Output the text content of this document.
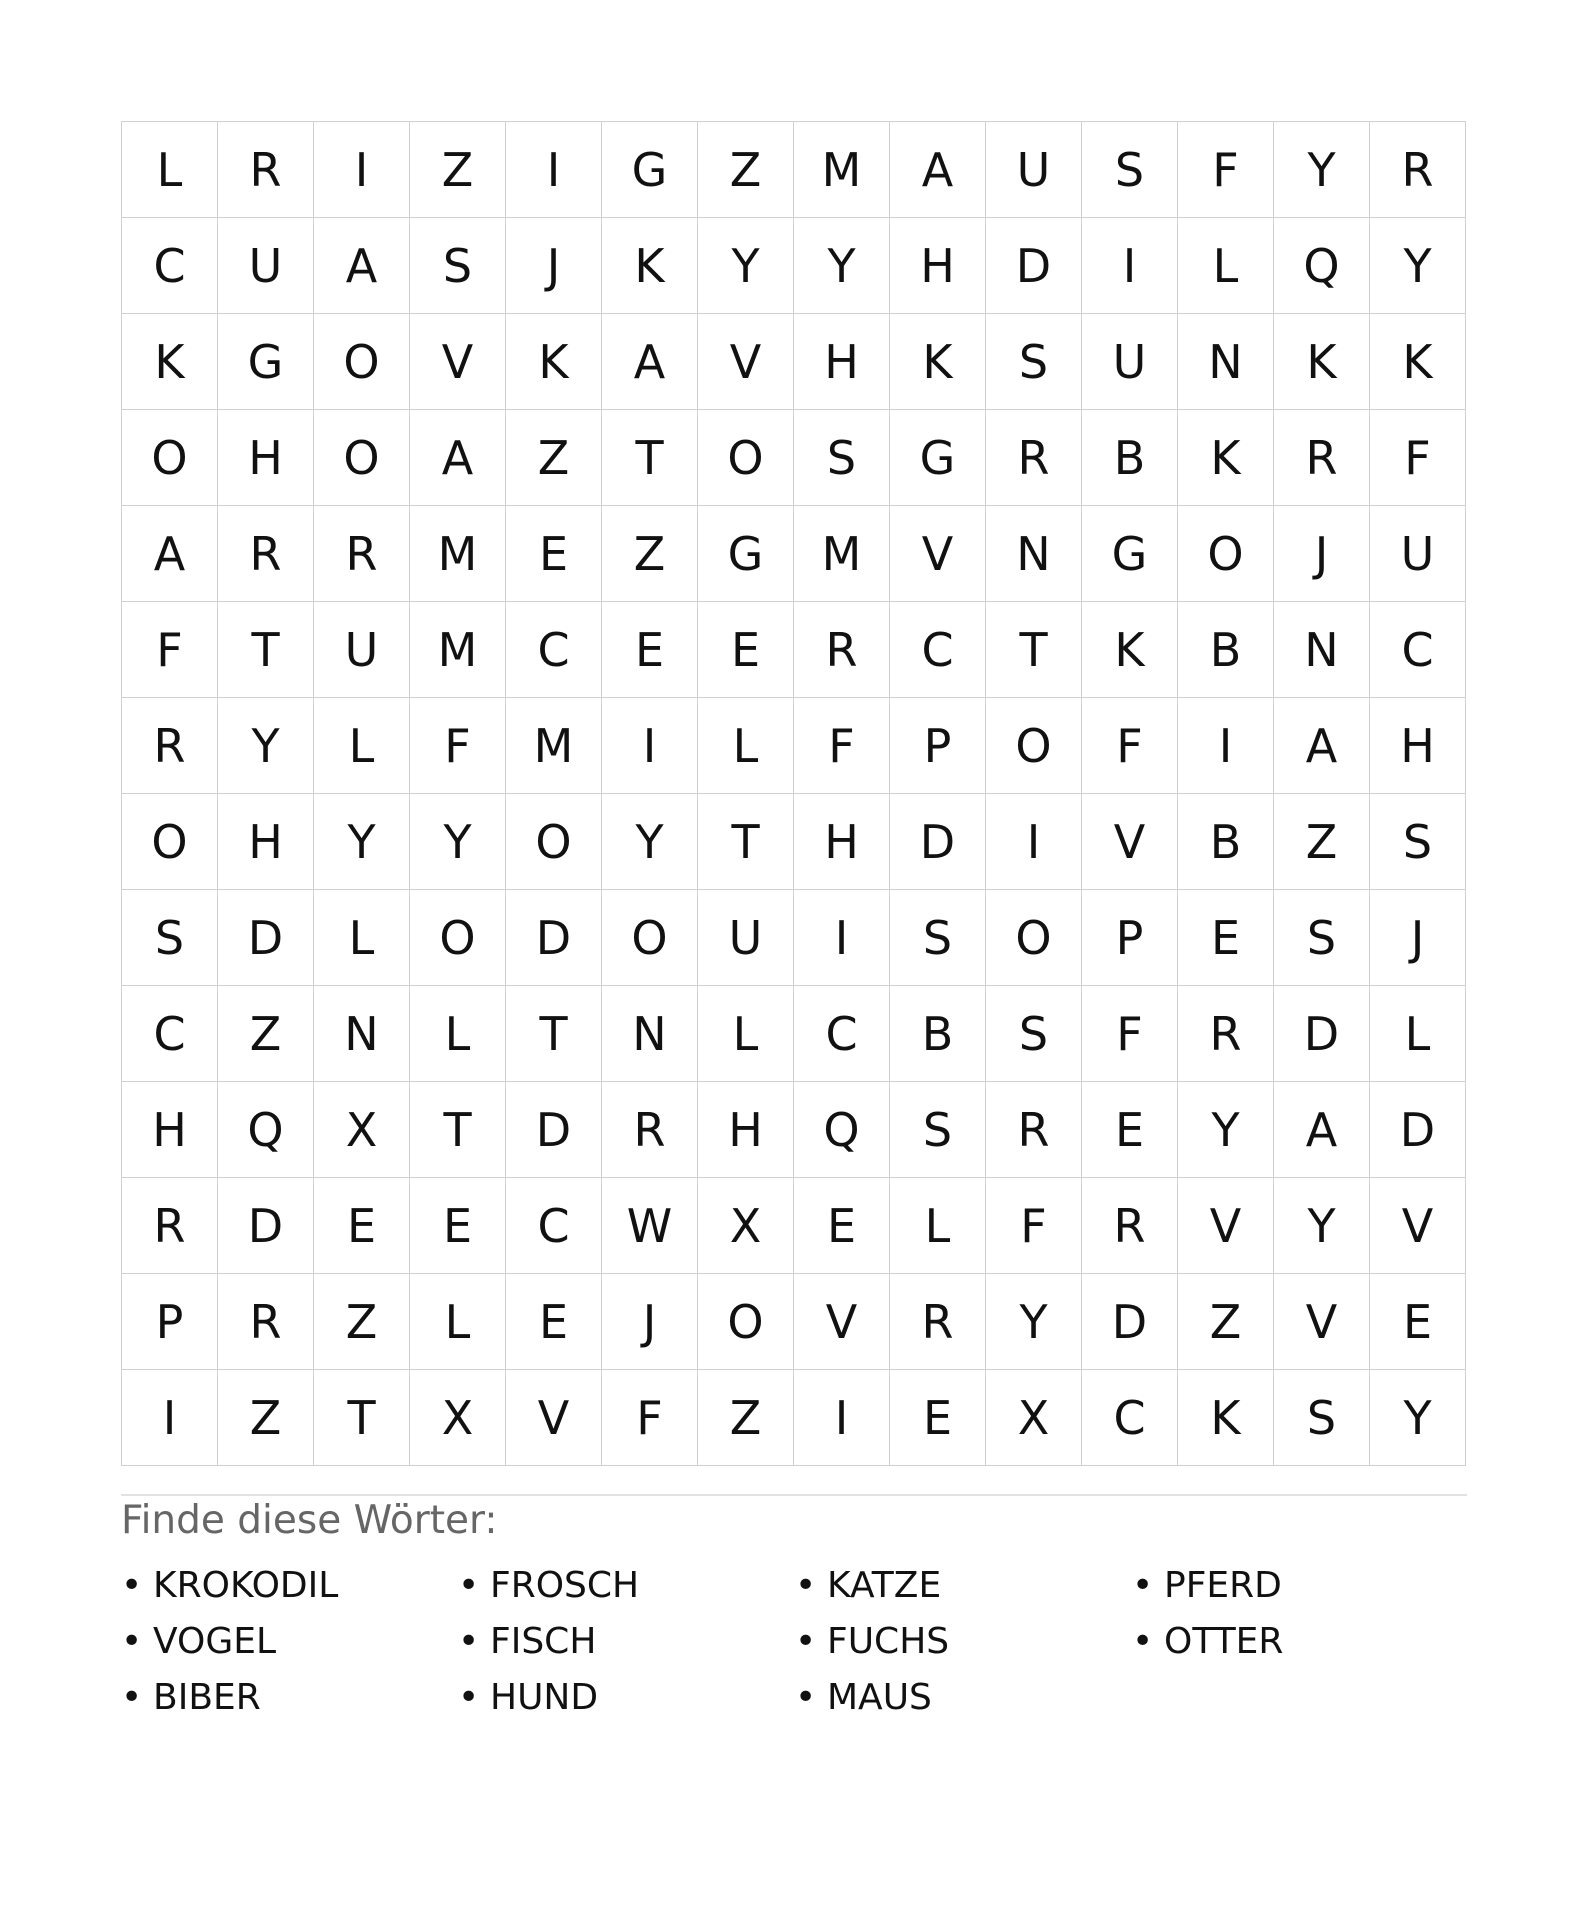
L	R	I	Z	I	G	Z	M	A	U	S	F	Y	R
C	U	A	S	J	K	Y	Y	H	D	I	L	Q	Y
K	G	O	V	K	A	V	H	K	S	U	N	K	K
O	H	O	A	Z	T	O	S	G	R	B	K	R	F
A	R	R	M	E	Z	G	M	V	N	G	O	J	U
F	T	U	M	C	E	E	R	C	T	K	B	N	C
R	Y	L	F	M	I	L	F	P	O	F	I	A	H
O	H	Y	Y	O	Y	T	H	D	I	V	B	Z	S
S	D	L	O	D	O	U	I	S	O	P	E	S	J
C	Z	N	L	T	N	L	C	B	S	F	R	D	L
H	Q	X	T	D	R	H	Q	S	R	E	Y	A	D
R	D	E	E	C	W	X	E	L	F	R	V	Y	V
P	R	Z	L	E	J	O	V	R	Y	D	Z	V	E
I	Z	T	X	V	F	Z	I	E	X	C	K	S	Y
Finde diese Wörter:
• KROKODIL	• FROSCH	• KATZE	• PFERD
• VOGEL	• FISCH	• FUCHS	• OTTER
• BIBER	• HUND	• MAUS
